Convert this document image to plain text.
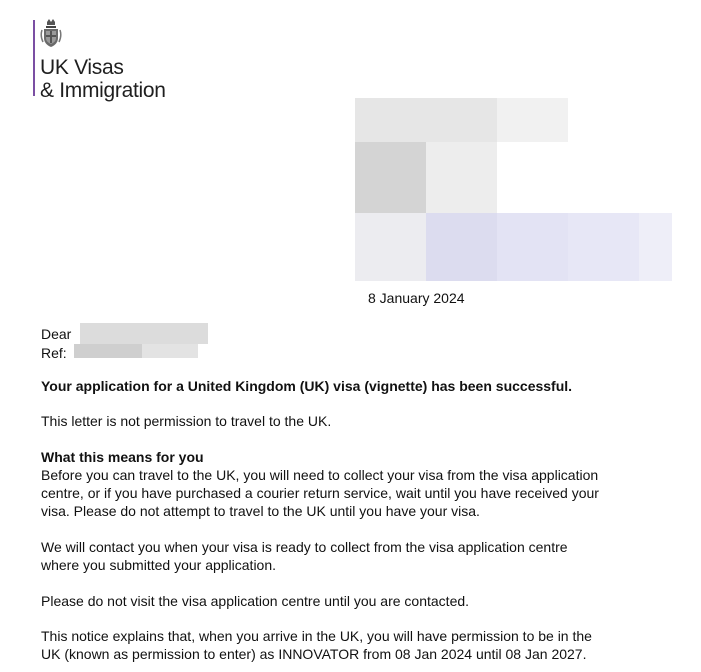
UK Visas
& Immigration
8 January 2024
Dear
Ref:
Your application for a United Kingdom (UK) visa (vignette) has been successful.
This letter is not permission to travel to the UK.
What this means for you
Before you can travel to the UK, you will need to collect your visa from the visa application
centre, or if you have purchased a courier return service, wait until you have received your
visa. Please do not attempt to travel to the UK until you have your visa.
We will contact you when your visa is ready to collect from the visa application centre
where you submitted your application.
Please do not visit the visa application centre until you are contacted.
This notice explains that, when you arrive in the UK, you will have permission to be in the
UK (known as permission to enter) as INNOVATOR from 08 Jan 2024 until 08 Jan 2027.
